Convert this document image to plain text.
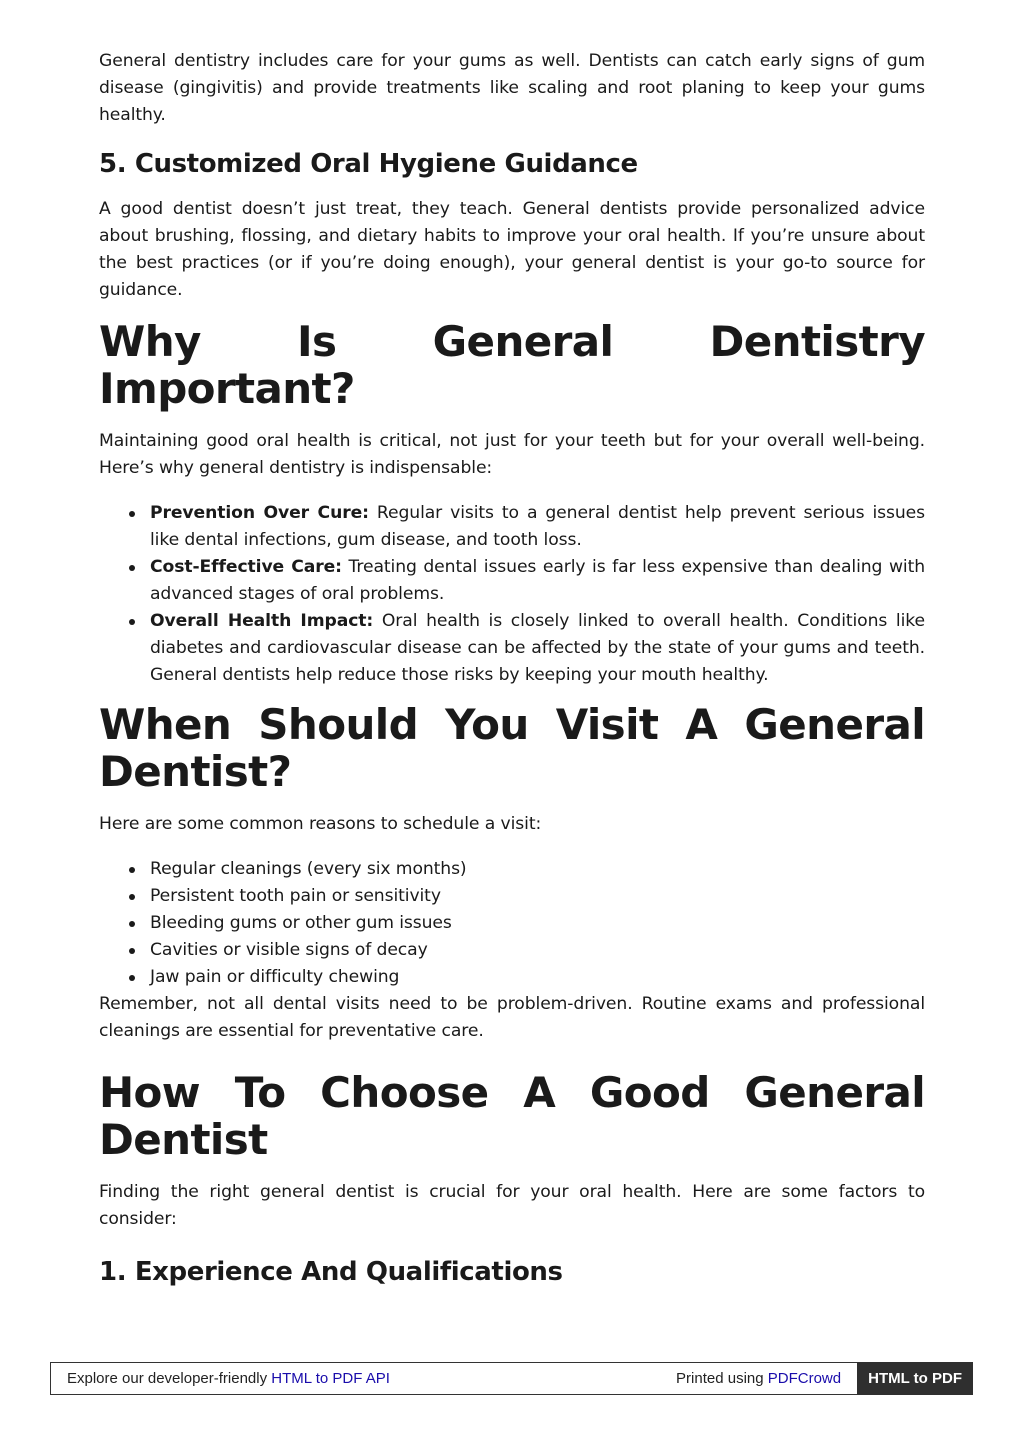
General dentistry includes care for your gums as well. Dentists can catch early signs of gum disease (gingivitis) and provide treatments like scaling and root planing to keep your gums healthy.

5. Customized Oral Hygiene Guidance

A good dentist doesn’t just treat, they teach. General dentists provide personalized advice about brushing, flossing, and dietary habits to improve your oral health. If you’re unsure about the best practices (or if you’re doing enough), your general dentist is your go-to source for guidance.

Why Is General Dentistry
Important?

Maintaining good oral health is critical, not just for your teeth but for your overall well-being. Here’s why general dentistry is indispensable:

Prevention Over Cure: Regular visits to a general dentist help prevent serious issues like dental infections, gum disease, and tooth loss.
Cost-Effective Care: Treating dental issues early is far less expensive than dealing with advanced stages of oral problems.
Overall Health Impact: Oral health is closely linked to overall health. Conditions like diabetes and cardiovascular disease can be affected by the state of your gums and teeth. General dentists help reduce those risks by keeping your mouth healthy.
When Should You Visit A General
Dentist?

Here are some common reasons to schedule a visit:

Regular cleanings (every six months)
Persistent tooth pain or sensitivity
Bleeding gums or other gum issues
Cavities or visible signs of decay
Jaw pain or difficulty chewing

Remember, not all dental visits need to be problem-driven. Routine exams and professional cleanings are essential for preventative care.

How To Choose A Good General
Dentist

Finding the right general dentist is crucial for your oral health. Here are some factors to consider:

1. Experience And Qualifications
Explore our developer-friendly HTML to PDF API	Printed using PDFCrowd	HTML to PDF
